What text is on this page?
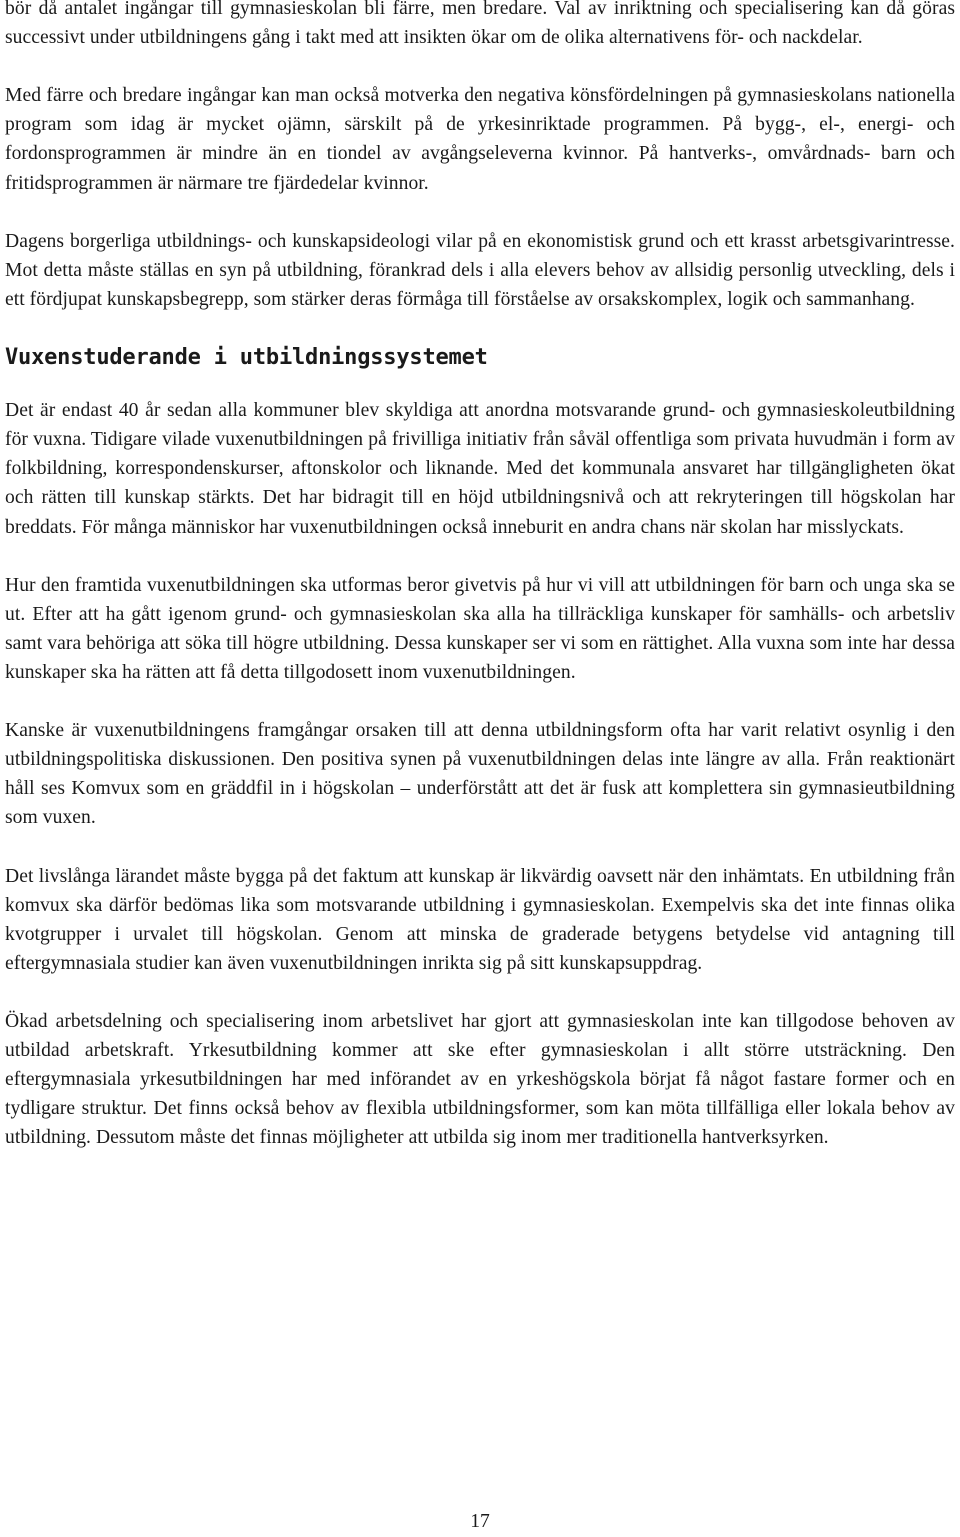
bör då antalet ingångar till gymnasieskolan bli färre, men bredare. Val av inriktning och specialisering kan då göras successivt under utbildningens gång i takt med att insikten ökar om de olika alternativens för- och nackdelar.

Med färre och bredare ingångar kan man också motverka den negativa könsfördelningen på gymnasieskolans nationella program som idag är mycket ojämn, särskilt på de yrkesinriktade programmen. På bygg-, el-, energi- och fordonsprogrammen är mindre än en tiondel av avgångseleverna kvinnor. På hantverks-, omvårdnads- barn och fritidsprogrammen är närmare tre fjärdedelar kvinnor.

Dagens borgerliga utbildnings- och kunskapsideologi vilar på en ekonomistisk grund och ett krasst arbetsgivarintresse. Mot detta måste ställas en syn på utbildning, förankrad dels i alla elevers behov av allsidig personlig utveckling, dels i ett fördjupat kunskapsbegrepp, som stärker deras förmåga till förståelse av orsakskomplex, logik och sammanhang.

Vuxenstuderande i utbildningssystemet

Det är endast 40 år sedan alla kommuner blev skyldiga att anordna motsvarande grund- och gymnasieskoleutbildning för vuxna. Tidigare vilade vuxenutbildningen på frivilliga initiativ från såväl offentliga som privata huvudmän i form av folkbildning, korrespondenskurser, aftonskolor och liknande. Med det kommunala ansvaret har tillgängligheten ökat och rätten till kunskap stärkts. Det har bidragit till en höjd utbildningsnivå och att rekryteringen till högskolan har breddats. För många människor har vuxenutbildningen också inneburit en andra chans när skolan har misslyckats.

Hur den framtida vuxenutbildningen ska utformas beror givetvis på hur vi vill att utbildningen för barn och unga ska se ut. Efter att ha gått igenom grund- och gymnasieskolan ska alla ha tillräckliga kunskaper för samhälls- och arbetsliv samt vara behöriga att söka till högre utbildning. Dessa kunskaper ser vi som en rättighet. Alla vuxna som inte har dessa kunskaper ska ha rätten att få detta tillgodosett inom vuxenutbildningen.

Kanske är vuxenutbildningens framgångar orsaken till att denna utbildningsform ofta har varit relativt osynlig i den utbildningspolitiska diskussionen. Den positiva synen på vuxenutbildningen delas inte längre av alla. Från reaktionärt håll ses Komvux som en gräddfil in i högskolan – underförstått att det är fusk att komplettera sin gymnasieutbildning som vuxen.

Det livslånga lärandet måste bygga på det faktum att kunskap är likvärdig oavsett när den inhämtats. En utbildning från komvux ska därför bedömas lika som motsvarande utbildning i gymnasieskolan. Exempelvis ska det inte finnas olika kvotgrupper i urvalet till högskolan. Genom att minska de graderade betygens betydelse vid antagning till eftergymnasiala studier kan även vuxenutbildningen inrikta sig på sitt kunskapsuppdrag.

Ökad arbetsdelning och specialisering inom arbetslivet har gjort att gymnasieskolan inte kan tillgodose behoven av utbildad arbetskraft. Yrkesutbildning kommer att ske efter gymnasieskolan i allt större utsträckning. Den eftergymnasiala yrkesutbildningen har med införandet av en yrkeshögskola börjat få något fastare former och en tydligare struktur. Det finns också behov av flexibla utbildningsformer, som kan möta tillfälliga eller lokala behov av utbildning. Dessutom måste det finnas möjligheter att utbilda sig inom mer traditionella hantverksyrken.

17
